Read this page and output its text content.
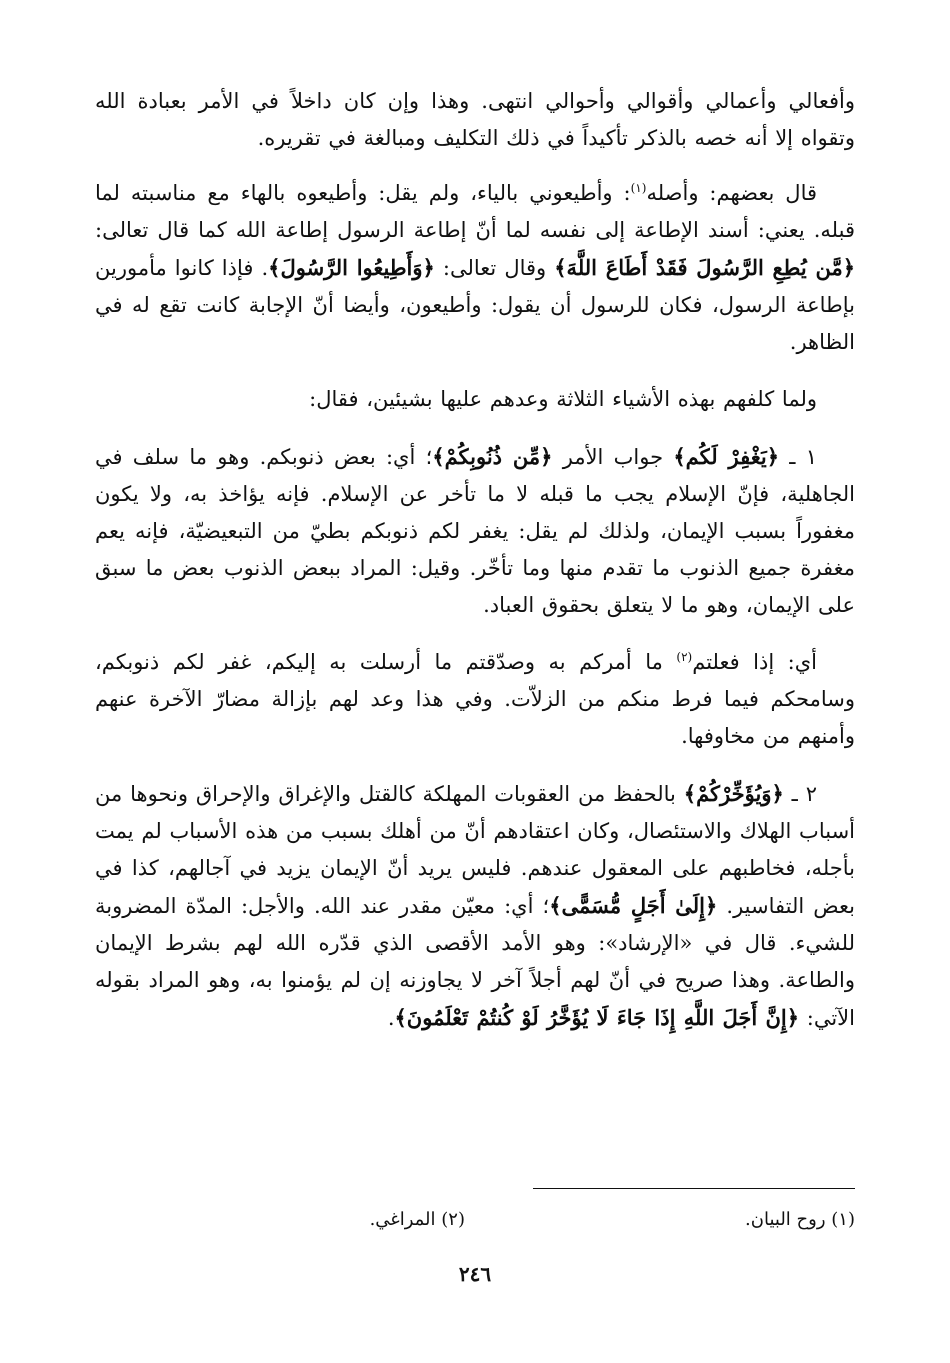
وأفعالي وأعمالي وأقوالي وأحوالي انتهى. وهذا وإن كان داخلاً في الأمر بعبادة الله وتقواه إلا أنه خصه بالذكر تأكيداً في ذلك التكليف ومبالغة في تقريره.

قال بعضهم: وأصله$^{(١)}$: وأطيعوني بالياء، ولم يقل: وأطيعوه بالهاء مع مناسبته لما قبله. يعني: أسند الإطاعة إلى نفسه لما أنّ إطاعة الرسول إطاعة الله كما قال تعالى: ﴿مَّن يُطِعِ الرَّسُولَ فَقَدْ أَطَاعَ اللَّهَ﴾ وقال تعالى: ﴿وَأَطِيعُوا الرَّسُولَ﴾. فإذا كانوا مأمورين بإطاعة الرسول، فكان للرسول أن يقول: وأطيعون، وأيضا أنّ الإجابة كانت تقع له في الظاهر.

ولما كلفهم بهذه الأشياء الثلاثة وعدهم عليها بشيئين، فقال:

١ ـ ﴿يَغْفِرْ لَكُم﴾ جواب الأمر ﴿مِّن ذُنُوبِكُمْ﴾؛ أي: بعض ذنوبكم. وهو ما سلف في الجاهلية، فإنّ الإسلام يجب ما قبله لا ما تأخر عن الإسلام. فإنه يؤاخذ به، ولا يكون مغفوراً بسبب الإيمان، ولذلك لم يقل: يغفر لكم ذنوبكم بطيّ من التبعيضيّة، فإنه يعم مغفرة جميع الذنوب ما تقدم منها وما تأخّر. وقيل: المراد ببعض الذنوب بعض ما سبق على الإيمان، وهو ما لا يتعلق بحقوق العباد.

أي: إذا فعلتم$^{(٢)}$ ما أمركم به وصدّقتم ما أرسلت به إليكم، غفر لكم ذنوبكم، وسامحكم فيما فرط منكم من الزلاّت. وفي هذا وعد لهم بإزالة مضارّ الآخرة عنهم وأمنهم من مخاوفها.

٢ ـ ﴿وَيُؤَخِّرْكُمْ﴾ بالحفظ من العقوبات المهلكة كالقتل والإغراق والإحراق ونحوها من أسباب الهلاك والاستئصال، وكان اعتقادهم أنّ من أهلك بسبب من هذه الأسباب لم يمت بأجله، فخاطبهم على المعقول عندهم. فليس يريد أنّ الإيمان يزيد في آجالهم، كذا في بعض التفاسير. ﴿إِلَىٰ أَجَلٍ مُّسَمًّى﴾؛ أي: معيّن مقدر عند الله. والأجل: المدّة المضروبة للشيء. قال في «الإرشاد»: وهو الأمد الأقصى الذي قدّره الله لهم بشرط الإيمان والطاعة. وهذا صريح في أنّ لهم أجلاً آخر لا يجاوزنه إن لم يؤمنوا به، وهو المراد بقوله الآتي: ﴿إِنَّ أَجَلَ اللَّهِ إِذَا جَاءَ لَا يُؤَخَّرُ لَوْ كُنتُمْ تَعْلَمُونَ﴾.

(١) روح البيان.
(٢) المراغي.
٢٤٦
